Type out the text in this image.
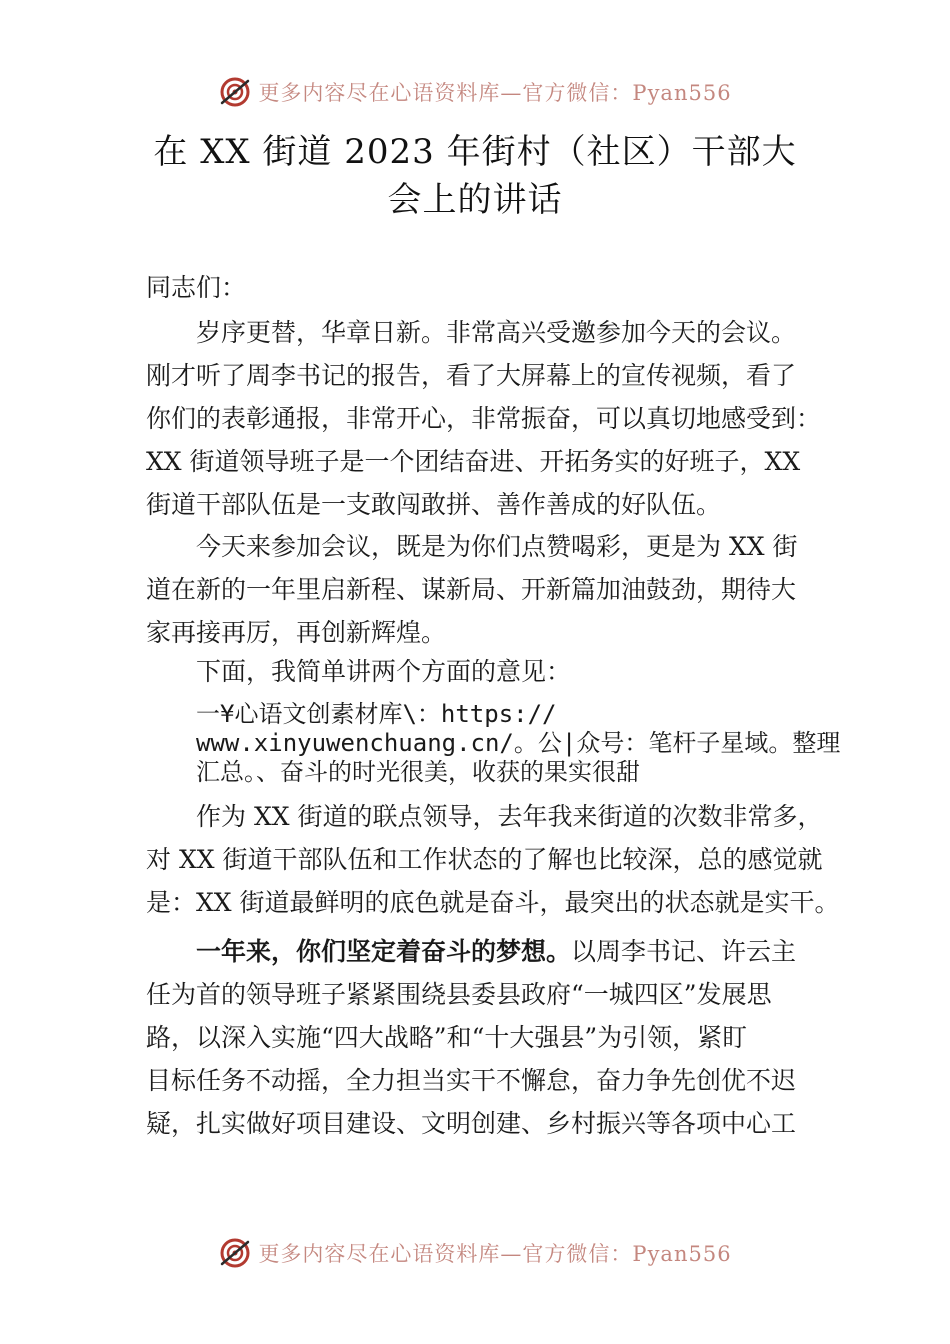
更多内容尽在心语资料库—官方微信：Pyan556
在 XX 街道 2023 年街村（社区）干部大
会上的讲话
同志们：
岁序更替，华章日新。非常高兴受邀参加今天的会议。
刚才听了周李书记的报告，看了大屏幕上的宣传视频，看了
你们的表彰通报，非常开心，非常振奋，可以真切地感受到：
XX 街道领导班子是一个团结奋进、开拓务实的好班子，XX
街道干部队伍是一支敢闯敢拼、善作善成的好队伍。
今天来参加会议，既是为你们点赞喝彩，更是为 XX 街
道在新的一年里启新程、谋新局、开新篇加油鼓劲，期待大
家再接再厉，再创新辉煌。
下面，我简单讲两个方面的意见：
一¥心语文创素材库\：https://
www.xinyuwenchuang.cn/。公|众号：笔杆子星域。整理
汇总。、奋斗的时光很美，收获的果实很甜
作为 XX 街道的联点领导，去年我来街道的次数非常多，
对 XX 街道干部队伍和工作状态的了解也比较深，总的感觉就
是：XX 街道最鲜明的底色就是奋斗，最突出的状态就是实干。
一年来，你们坚定着奋斗的梦想。以周李书记、许云主
任为首的领导班子紧紧围绕县委县政府“一城四区”发展思
路，以深入实施“四大战略”和“十大强县”为引领，紧盯
目标任务不动摇，全力担当实干不懈怠，奋力争先创优不迟
疑，扎实做好项目建设、文明创建、乡村振兴等各项中心工
更多内容尽在心语资料库—官方微信：Pyan556
